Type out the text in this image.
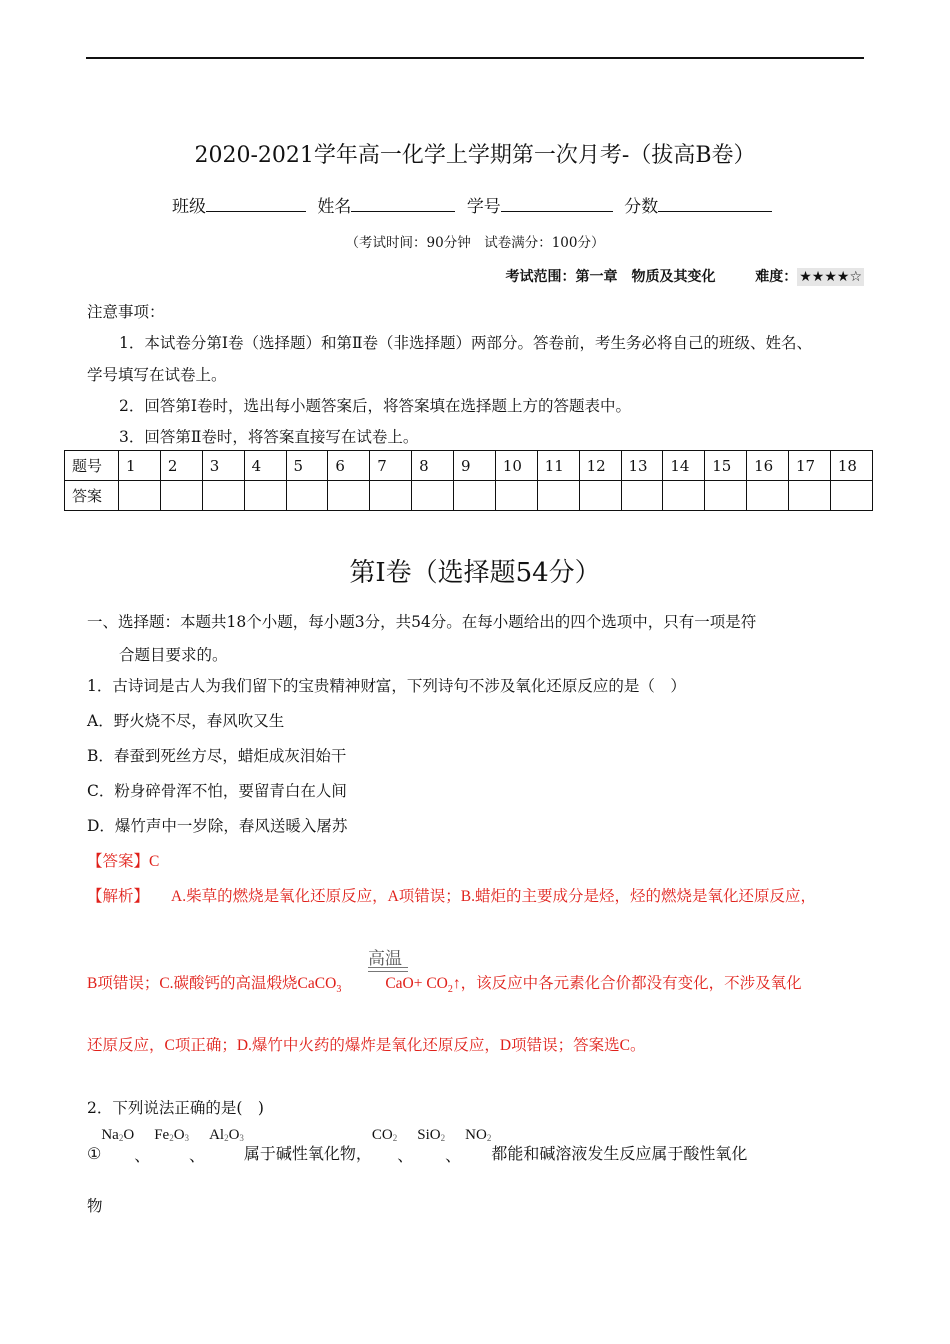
2020-2021学年高一化学上学期第一次月考-（拔高B卷）
班级	姓名	学号	分数
（考试时间：90分钟　试卷满分：100分）
考试范围：第一章　物质及其变化	难度： ★★★★☆
注意事项：
1．本试卷分第Ⅰ卷（选择题）和第Ⅱ卷（非选择题）两部分。答卷前，考生务必将自己的班级、姓名、
学号填写在试卷上。
2．回答第Ⅰ卷时，选出每小题答案后，将答案填在选择题上方的答题表中。
3．回答第Ⅱ卷时，将答案直接写在试卷上。
题号	1	2	3	4	5	6	7	8	9	10	11	12	13	14	15	16	17	18
答案																		
第Ⅰ卷（选择题54分）
一、选择题：本题共18个小题，每小题3分，共54分。在每小题给出的四个选项中，只有一项是符
合题目要求的。
1．古诗词是古人为我们留下的宝贵精神财富，下列诗句不涉及氧化还原反应的是（　）
A．野火烧不尽，春风吹又生
B．春蚕到死丝方尽，蜡炬成灰泪始干
C．粉身碎骨浑不怕，要留青白在人间
D．爆竹声中一岁除，春风送暖入屠苏
【答案】C
【解析】 A.柴草的燃烧是氧化还原反应，A项错误；B.蜡炬的主要成分是烃，烃的燃烧是氧化还原反应，
高温
B项错误；C.碳酸钙的高温煅烧CaCO$_3$	$CaO+ CO_2↑$，该反应中各元素化合价都没有变化，不涉及氧化
还原反应，C项正确；D.爆竹中火药的爆炸是氧化还原反应，D项错误；答案选C。
2．下列说法正确的是(　)
$①Na_2O$、$Fe_2O_3$、$Al_2O_3$属于碱性氧化物，$CO_2$、SiO$_2$、$NO_2$都能和碱溶液发生反应属于酸性氧化
物
